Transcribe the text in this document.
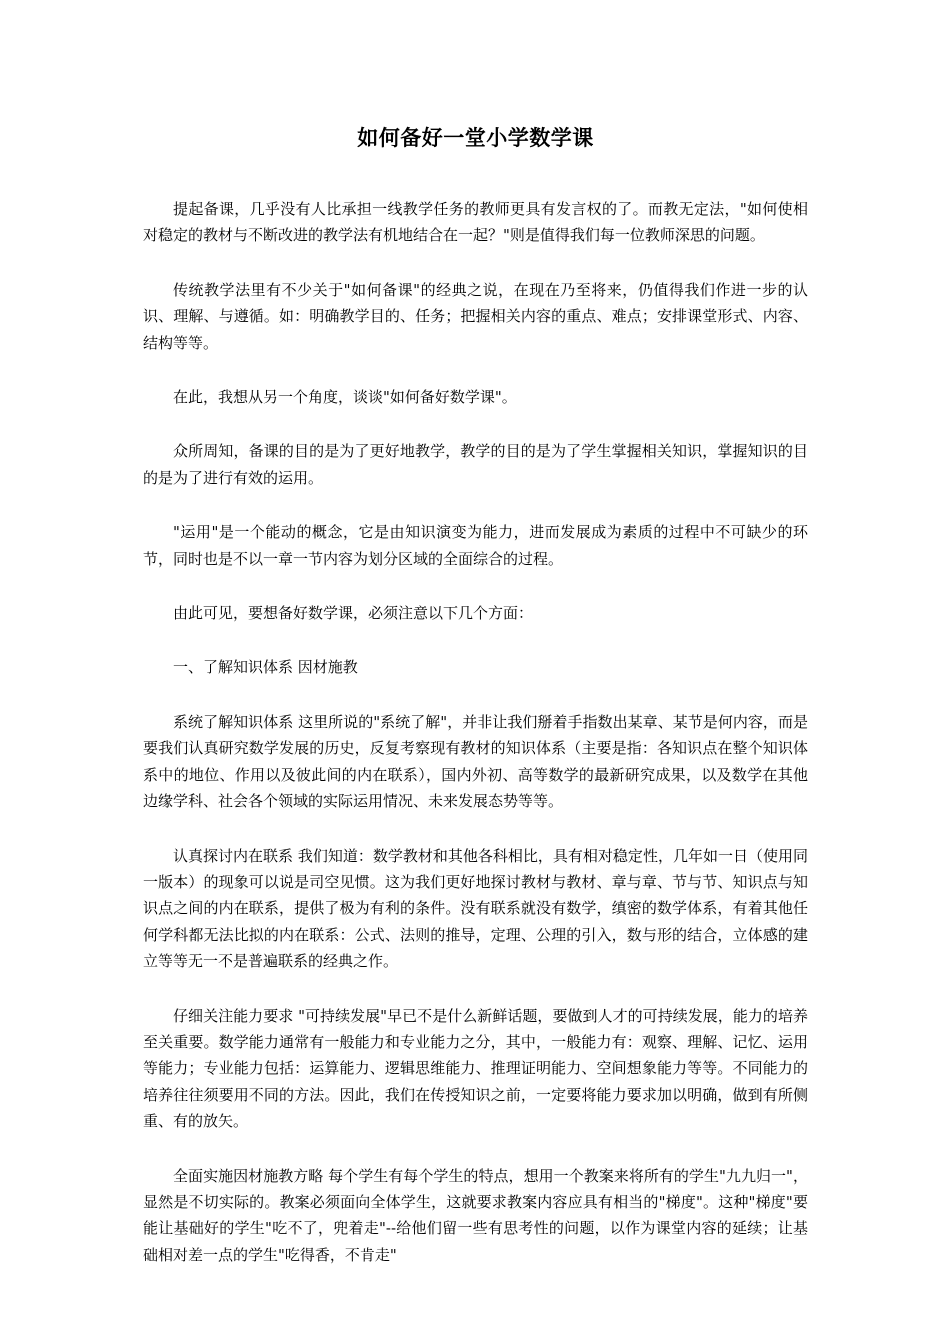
如何备好一堂小学数学课

提起备课，几乎没有人比承担一线教学任务的教师更具有发言权的了。而教无定法，"如何使相对稳定的教材与不断改进的教学法有机地结合在一起？"则是值得我们每一位教师深思的问题。

传统教学法里有不少关于"如何备课"的经典之说，在现在乃至将来，仍值得我们作进一步的认识、理解、与遵循。如：明确教学目的、任务；把握相关内容的重点、难点；安排课堂形式、内容、结构等等。

在此，我想从另一个角度，谈谈"如何备好数学课"。

众所周知，备课的目的是为了更好地教学，教学的目的是为了学生掌握相关知识，掌握知识的目的是为了进行有效的运用。

"运用"是一个能动的概念，它是由知识演变为能力，进而发展成为素质的过程中不可缺少的环节，同时也是不以一章一节内容为划分区域的全面综合的过程。

由此可见，要想备好数学课，必须注意以下几个方面：

一、了解知识体系 因材施教

系统了解知识体系 这里所说的"系统了解"，并非让我们掰着手指数出某章、某节是何内容，而是要我们认真研究数学发展的历史，反复考察现有教材的知识体系（主要是指：各知识点在整个知识体系中的地位、作用以及彼此间的内在联系），国内外初、高等数学的最新研究成果，以及数学在其他边缘学科、社会各个领域的实际运用情况、未来发展态势等等。

认真探讨内在联系 我们知道：数学教材和其他各科相比，具有相对稳定性，几年如一日（使用同一版本）的现象可以说是司空见惯。这为我们更好地探讨教材与教材、章与章、节与节、知识点与知识点之间的内在联系，提供了极为有利的条件。没有联系就没有数学，缜密的数学体系，有着其他任何学科都无法比拟的内在联系：公式、法则的推导，定理、公理的引入，数与形的结合，立体感的建立等等无一不是普遍联系的经典之作。

仔细关注能力要求 "可持续发展"早已不是什么新鲜话题，要做到人才的可持续发展，能力的培养至关重要。数学能力通常有一般能力和专业能力之分，其中，一般能力有：观察、理解、记忆、运用等能力；专业能力包括：运算能力、逻辑思维能力、推理证明能力、空间想象能力等等。不同能力的培养往往须要用不同的方法。因此，我们在传授知识之前，一定要将能力要求加以明确，做到有所侧重、有的放矢。

全面实施因材施教方略 每个学生有每个学生的特点，想用一个教案来将所有的学生"九九归一"，显然是不切实际的。教案必须面向全体学生，这就要求教案内容应具有相当的"梯度"。这种"梯度"要能让基础好的学生"吃不了，兜着走"--给他们留一些有思考性的问题，以作为课堂内容的延续；让基础相对差一点的学生"吃得香，不肯走"
